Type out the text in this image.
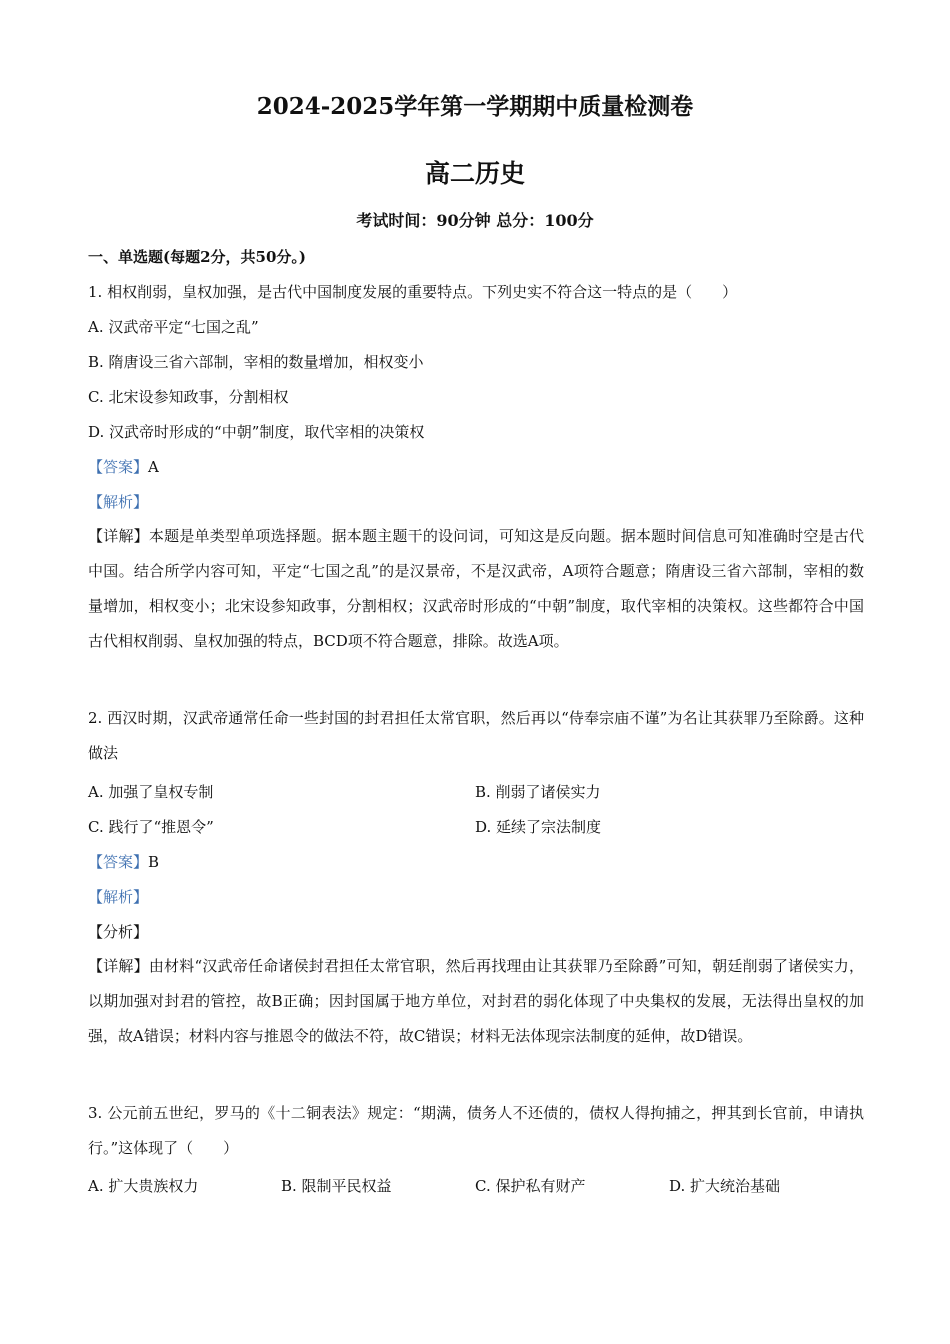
2024-2025学年第一学期期中质量检测卷
高二历史
考试时间：90分钟 总分：100分
一、单选题(每题2分，共50分。)
1. 相权削弱，皇权加强，是古代中国制度发展的重要特点。下列史实不符合这一特点的是（　　）
A. 汉武帝平定“七国之乱”
B. 隋唐设三省六部制，宰相的数量增加，相权变小
C. 北宋设参知政事，分割相权
D. 汉武帝时形成的“中朝”制度，取代宰相的决策权
【答案】A
【解析】
【详解】本题是单类型单项选择题。据本题主题干的设问词，可知这是反向题。据本题时间信息可知准确时空是古代中国。结合所学内容可知，平定“七国之乱”的是汉景帝，不是汉武帝，A项符合题意；隋唐设三省六部制，宰相的数量增加，相权变小；北宋设参知政事，分割相权；汉武帝时形成的“中朝”制度，取代宰相的决策权。这些都符合中国古代相权削弱、皇权加强的特点，BCD项不符合题意，排除。故选A项。
2. 西汉时期，汉武帝通常任命一些封国的封君担任太常官职，然后再以“侍奉宗庙不谨”为名让其获罪乃至除爵。这种做法
A. 加强了皇权专制	B. 削弱了诸侯实力
C. 践行了“推恩令”	D. 延续了宗法制度
【答案】B
【解析】
【分析】
【详解】由材料“汉武帝任命诸侯封君担任太常官职，然后再找理由让其获罪乃至除爵”可知，朝廷削弱了诸侯实力，以期加强对封君的管控，故B正确；因封国属于地方单位，对封君的弱化体现了中央集权的发展，无法得出皇权的加强，故A错误；材料内容与推恩令的做法不符，故C错误；材料无法体现宗法制度的延伸，故D错误。
3. 公元前五世纪，罗马的《十二铜表法》规定：“期满，债务人不还债的，债权人得拘捕之，押其到长官前，申请执行。”这体现了（　　）
A. 扩大贵族权力	B. 限制平民权益	C. 保护私有财产	D. 扩大统治基础
